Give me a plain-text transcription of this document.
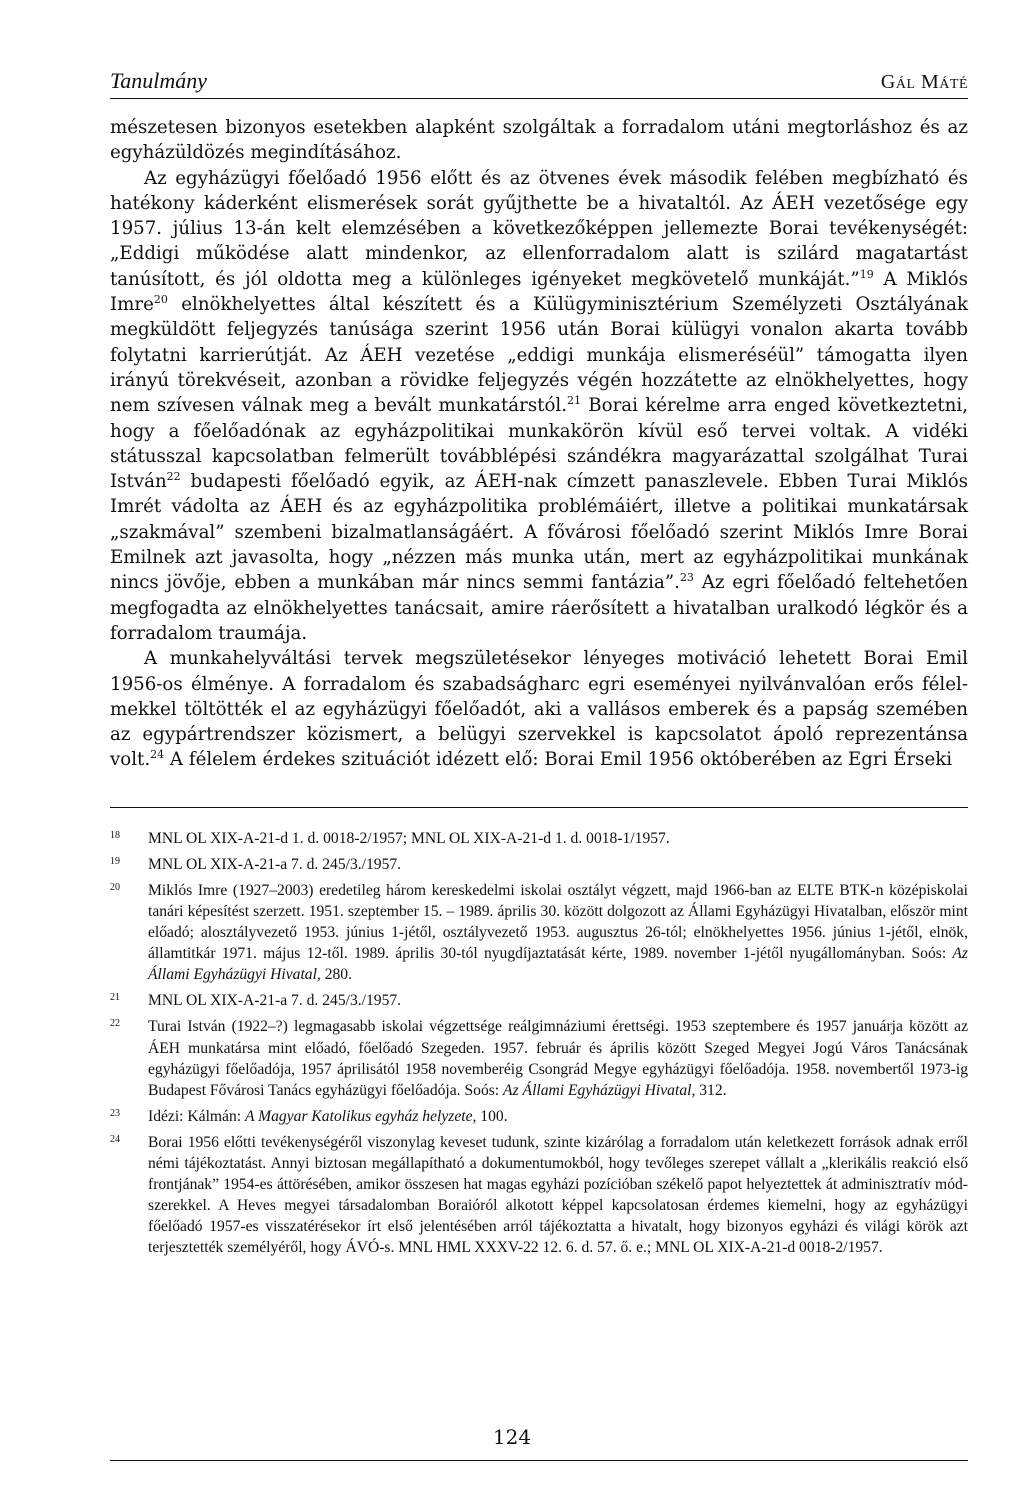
Tanulmány	Gál Máté

mészetesen bizonyos esetekben alapként szolgáltak a forradalom utáni megtorláshoz és az egyházüldözés megindításához.

Az egyházügyi főelőadó 1956 előtt és az ötvenes évek második felében megbízható és hatékony káderként elismerések sorát gyűjthette be a hivataltól. Az ÁEH vezetősége egy 1957. július 13-án kelt elemzésében a következőképpen jellemezte Borai tevékenységét: „Eddigi működése alatt mindenkor, az ellenforradalom alatt is szilárd magatartást tanúsított, és jól oldotta meg a különleges igényeket megkövetelő munkáját.”$^{19}$ A Miklós Imre$^{20}$ elnökhelyettes által készített és a Külügyminisztérium Személyzeti Osztályának megküldött feljegyzés tanúsága szerint 1956 után Borai külügyi vonalon akarta tovább folytatni karrierútját. Az ÁEH vezetése „eddigi munkája elismeréséül” támogatta ilyen irányú törekvéseit, azonban a rövidke feljegyzés végén hozzátette az elnökhelyettes, hogy nem szívesen válnak meg a bevált munkatárstól.$^{21}$ Borai kérelme arra enged következtetni, hogy a főelőadónak az egyházpolitikai munkakörön kívül eső tervei voltak. A vidéki státusszal kapcsolatban felmerült továbblépési szándékra magyarázattal szolgálhat Turai István$^{22}$ budapesti főelőadó egyik, az ÁEH-nak címzett panaszlevele. Ebben Turai Miklós Imrét vádolta az ÁEH és az egyházpolitika problémáiért, illetve a politikai munkatársak „szakmával” szembeni bizalmatlanságáért. A fővárosi főelőadó szerint Miklós Imre Borai Emilnek azt javasolta, hogy „nézzen más munka után, mert az egyházpolitikai munkának nincs jövője, ebben a munkában már nincs semmi fantázia”.$^{23}$ Az egri főelőadó feltehetően megfogadta az elnökhelyettes tanácsait, amire ráerősített a hivatalban uralkodó légkör és a forradalom traumája.

A munkahelyváltási tervek megszületésekor lényeges motiváció lehetett Borai Emil 1956-os élménye. A forradalom és szabadságharc egri eseményei nyilvánvalóan erős félelmekkel töltötték el az egyházügyi főelőadót, aki a vallásos emberek és a papság szemében az egypártrendszer közismert, a belügyi szervekkel is kapcsolatot ápoló reprezentánsa volt.$^{24}$ A félelem érdekes szituációt idézett elő: Borai Emil 1956 októberében az Egri Érseki

18	MNL OL XIX-A-21-d 1. d. 0018-2/1957; MNL OL XIX-A-21-d 1. d. 0018-1/1957.
19	MNL OL XIX-A-21-a 7. d. 245/3./1957.
20	Miklós Imre (1927–2003) eredetileg három kereskedelmi iskolai osztályt végzett, majd 1966-ban az ELTE BTK-n középiskolai tanári képesítést szerzett. 1951. szeptember 15. – 1989. április 30. között dolgozott az Állami Egyházügyi Hivatalban, először mint előadó; alosztályvezető 1953. június 1-jétől, osztályvezető 1953. augusztus 26-tól; elnökhelyettes 1956. június 1-jétől, elnök, államtitkár 1971. május 12-től. 1989. április 30-tól nyugdíjaztatását kérte, 1989. november 1-jétől nyugállományban. Soós: Az Állami Egyházügyi Hivatal, 280.
21	MNL OL XIX-A-21-a 7. d. 245/3./1957.
22	Turai István (1922–?) legmagasabb iskolai végzettsége reálgimnáziumi érettségi. 1953 szeptembere és 1957 januárja között az ÁEH munkatársa mint előadó, főelőadó Szegeden. 1957. február és április között Szeged Megyei Jogú Város Tanácsának egyházügyi főelőadója, 1957 áprilisától 1958 novemberéig Csongrád Megye egyházügyi főelőadója. 1958. novembertől 1973-ig Budapest Fővárosi Tanács egyházügyi főelőadója. Soós: Az Állami Egyházügyi Hivatal, 312.
23	Idézi: Kálmán: A Magyar Katolikus egyház helyzete, 100.
24	Borai 1956 előtti tevékenységéről viszonylag keveset tudunk, szinte kizárólag a forradalom után keletkezett források adnak erről némi tájékoztatást. Annyi biztosan megállapítható a dokumentumokból, hogy tevőleges szerepet vállalt a „klerikális reakció első frontjának” 1954-es áttörésében, amikor összesen hat magas egyházi pozícióban székelő papot helyeztettek át adminisztratív módszerekkel. A Heves megyei társadalomban Boraióról alkotott képpel kapcsolatosan érdemes kiemelni, hogy az egyházügyi főelőadó 1957-es visszatérésekor írt első jelentésében arról tájékoztatta a hivatalt, hogy bizonyos egyházi és világi körök azt terjesztették személyéről, hogy ÁVÓ-s. MNL HML XXXV-22 12. 6. d. 57. ő. e.; MNL OL XIX-A-21-d 0018-2/1957.
124
